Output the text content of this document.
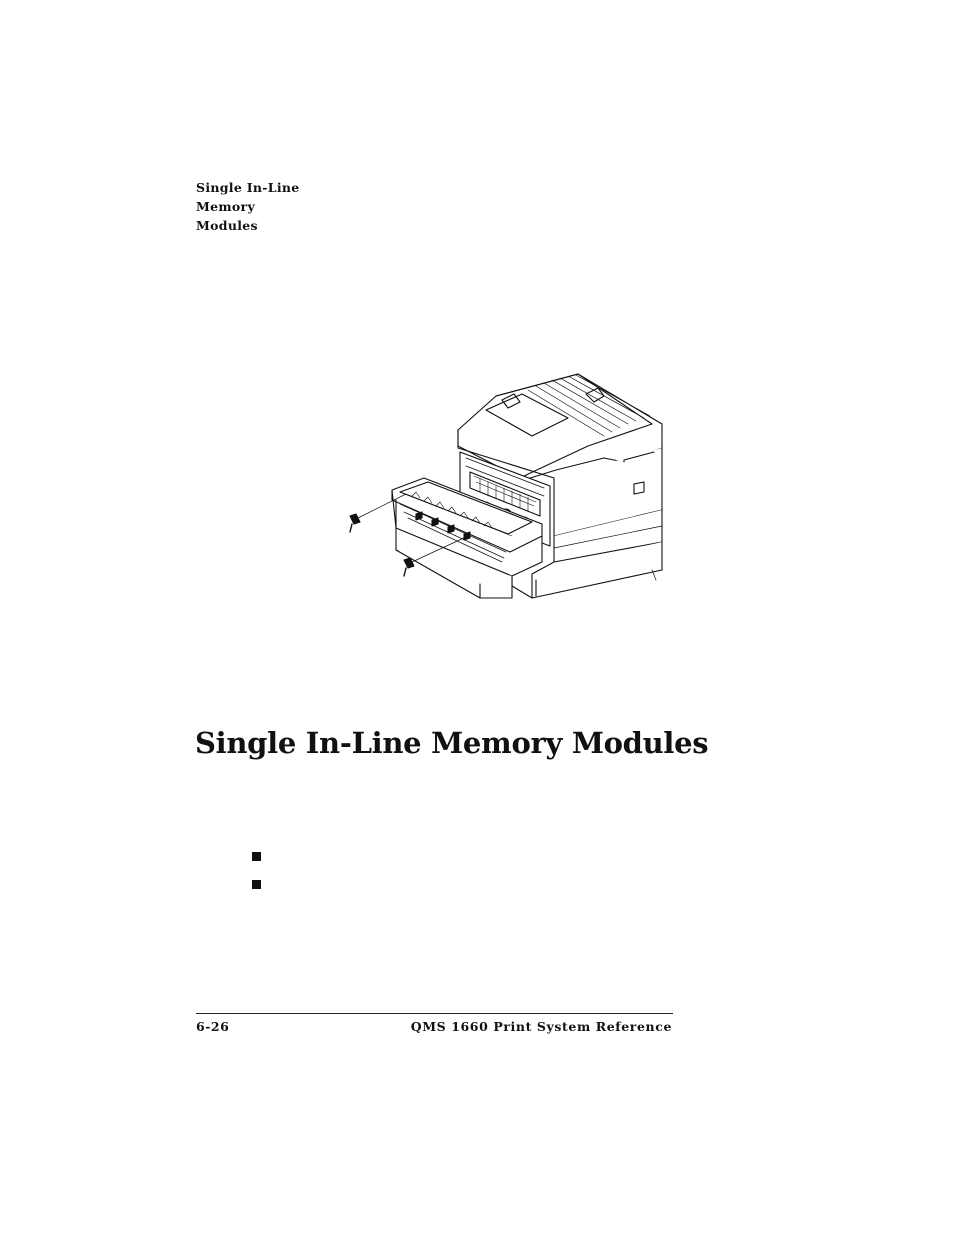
Single In-Line
Memory
Modules
Single In-Line Memory Modules
6-26	QMS 1660 Print System Reference
